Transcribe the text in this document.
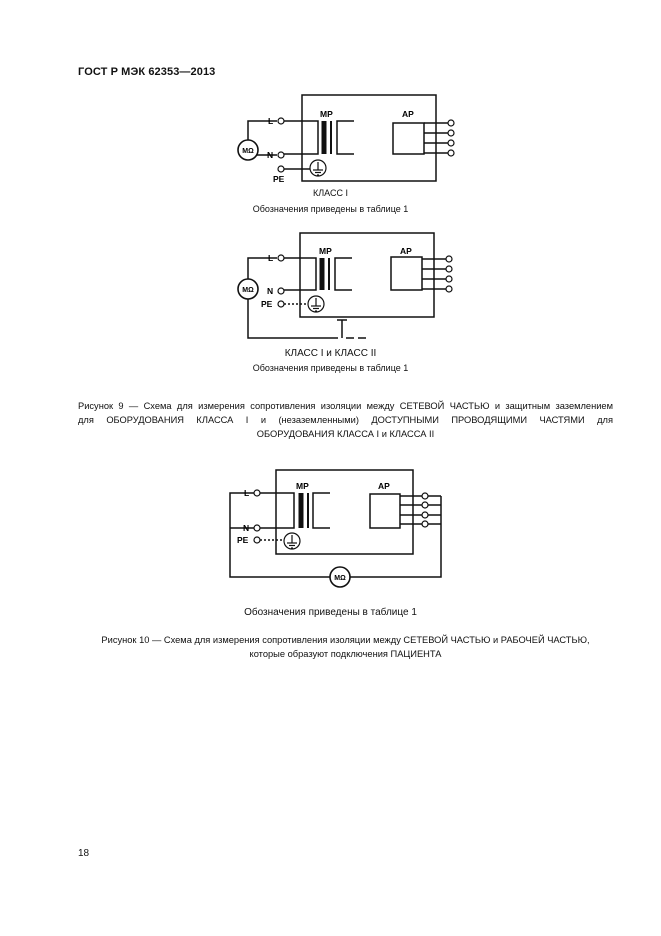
ГОСТ Р МЭК 62353—2013
L
N
PE
MP	AP
MΩ
КЛАСС I
Обозначения приведены в таблице 1
L
N
PE
MP	AP
MΩ
КЛАСС I и КЛАСС II
Обозначения приведены в таблице 1
Рисунок 9 — Схема для измерения сопротивления изоляции между СЕТЕВОЙ ЧАСТЬЮ и защитным заземлением
для ОБОРУДОВАНИЯ КЛАССА I и (незаземленными) ДОСТУПНЫМИ ПРОВОДЯЩИМИ ЧАСТЯМИ для
ОБОРУДОВАНИЯ КЛАССА I и КЛАССА II
L
N
PE
MP	AP
MΩ
Обозначения приведены в таблице 1
Рисунок 10 — Схема для измерения сопротивления изоляции между СЕТЕВОЙ ЧАСТЬЮ и РАБОЧЕЙ ЧАСТЬЮ,
которые образуют подключения ПАЦИЕНТА
18
